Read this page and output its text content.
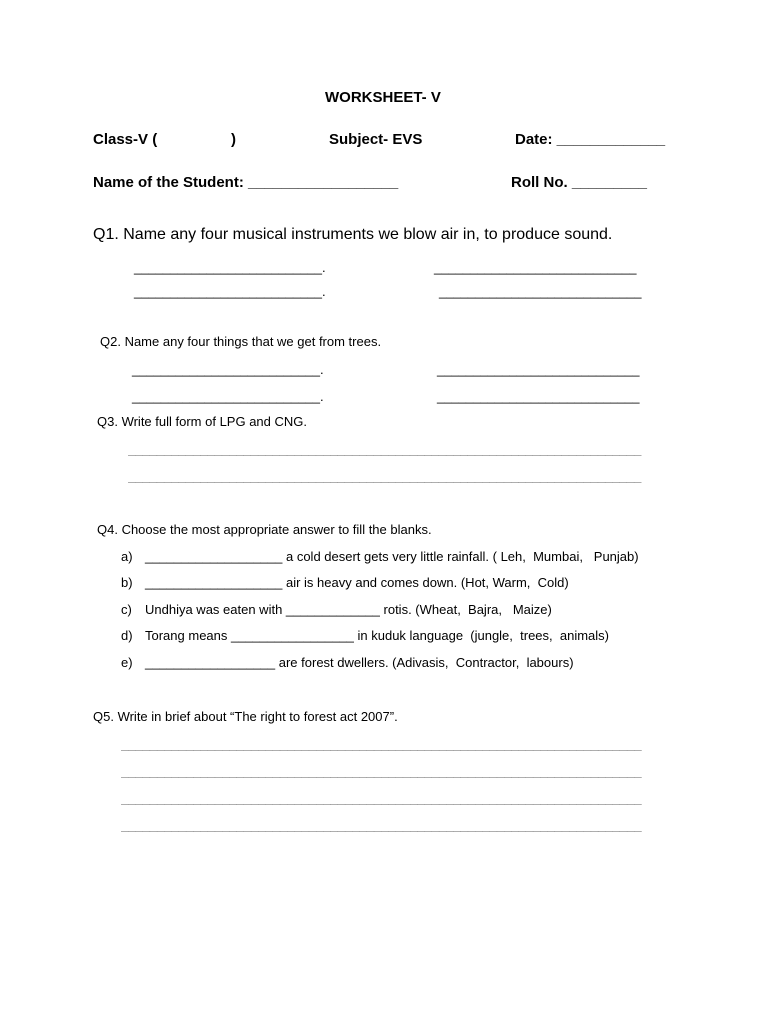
WORKSHEET- V
Class-V (	)	Subject- EVS	Date: _____________
Name of the Student: __________________	Roll No. _________
Q1. Name any four musical instruments we blow air in, to produce sound.
__________________________.	____________________________
__________________________.	____________________________
Q2. Name any four things that we get from trees.
__________________________.	____________________________
__________________________.	____________________________
Q3. Write full form of LPG and CNG.
_______________________________________________________________________
_______________________________________________________________________
Q4. Choose the most appropriate answer to fill the blanks.
a) ___________________ a cold desert gets very little rainfall. ( Leh,  Mumbai,   Punjab)
b) ___________________ air is heavy and comes down. (Hot, Warm,  Cold)
c) Undhiya was eaten with _____________ rotis. (Wheat,  Bajra,   Maize)
d) Torang means _________________ in kuduk language  (jungle,  trees,  animals)
e) __________________ are forest dwellers. (Adivasis,  Contractor,  labours)
Q5. Write in brief about “The right to forest act 2007”.
________________________________________________________________________
________________________________________________________________________
________________________________________________________________________
________________________________________________________________________
